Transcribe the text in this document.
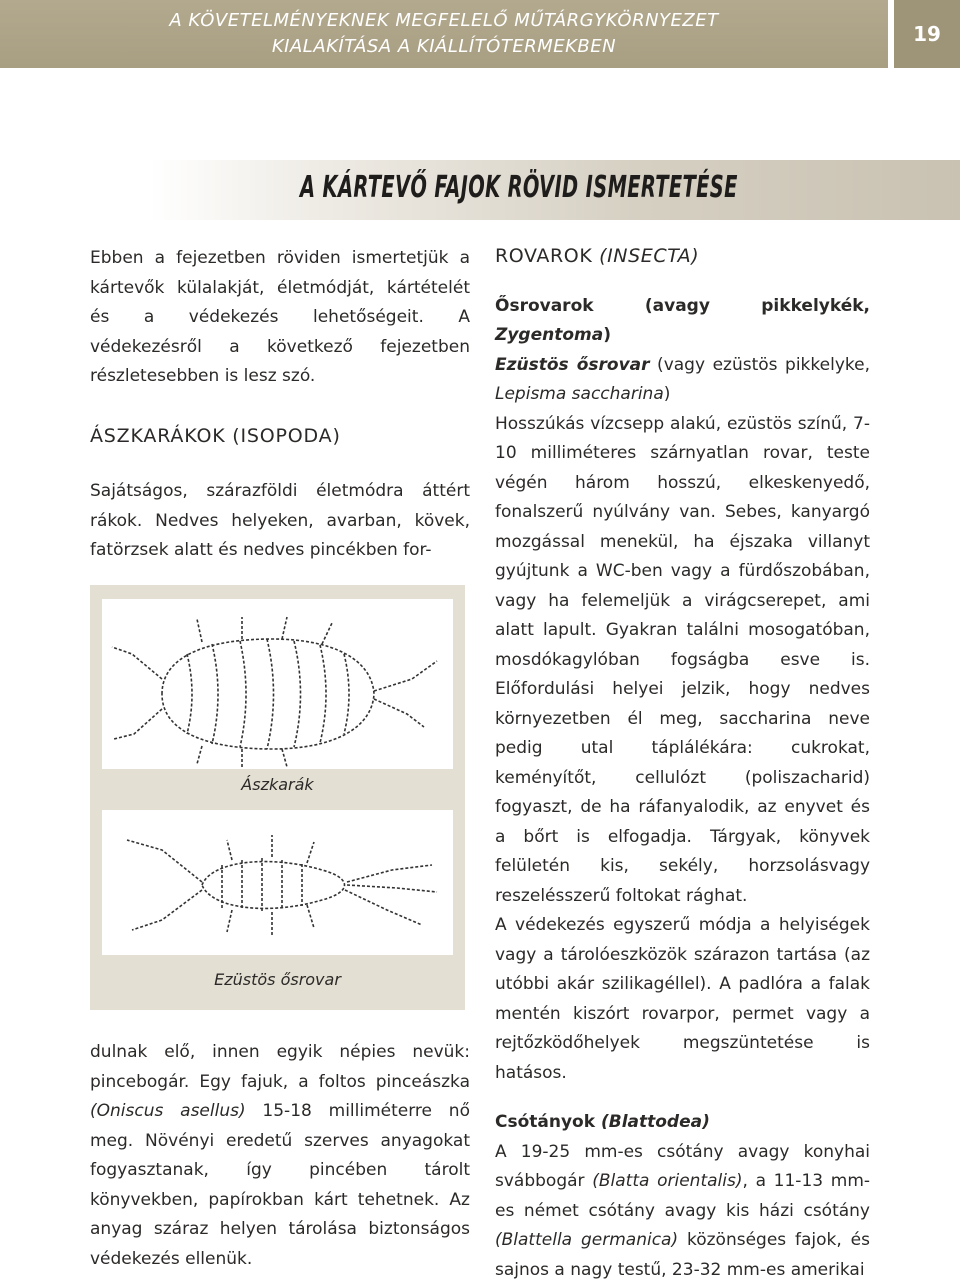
A KÖVETELMÉNYEKNEK MEGFELELŐ MŰTÁRGYKÖRNYEZET
KIALAKÍTÁSA A KIÁLLÍTÓTERMEKBEN
19
A KÁRTEVŐ FAJOK RÖVID ISMERTETÉSE

Ebben a fejezetben röviden ismertetjük a kártevők külalakját, életmódját, kártételét és a védekezés lehetőségeit. A védekezésről a következő fejezetben részletesebben is lesz szó.

ÁSZKARÁKOK (ISOPODA)

Sajátságos, szárazföldi életmódra áttért rákok. Nedves helyeken, avarban, kövek, fatörzsek alatt és nedves pincékben for-

Ászkarák
Ezüstös ősrovar

dulnak elő, innen egyik népies nevük: pincebogár. Egy fajuk, a foltos pinceászka (Oniscus asellus) 15-18 milliméterre nő meg. Növényi eredetű szerves anyagokat fogyasztanak, így pincében tárolt könyvekben, papírokban kárt tehetnek. Az anyag száraz helyen tárolása biztonságos védekezés ellenük.

ROVAROK (INSECTA)

Ősrovarok (avagy pikkelykék, Zygentoma)

Ezüstös ősrovar (vagy ezüstös pikkelyke, Lepisma saccharina)

Hosszúkás vízcsepp alakú, ezüstös színű, 7-10 milliméteres szárnyatlan rovar, teste végén három hosszú, elkeskenyedő, fonalszerű nyúlvány van. Sebes, kanyargó mozgással menekül, ha éjszaka villanyt gyújtunk a WC-ben vagy a fürdőszobában, vagy ha felemeljük a virágcserepet, ami alatt lapult. Gyakran találni mosogatóban, mosdókagylóban fogságba esve is. Előfordulási helyei jelzik, hogy nedves környezetben él meg, saccharina neve pedig utal táplálékára: cukrokat, keményítőt, cellulózt (poliszacharid) fogyaszt, de ha ráfanyalodik, az enyvet és a bőrt is elfogadja. Tárgyak, könyvek felületén kis, sekély, horzsolásvagy reszelésszerű foltokat rághat.

A védekezés egyszerű módja a helyiségek vagy a tárolóeszközök szárazon tartása (az utóbbi akár szilikagéllel). A padlóra a falak mentén kiszórt rovarpor, permet vagy a rejtőzködőhelyek megszüntetése is hatásos.

Csótányok (Blattodea)

A 19-25 mm-es csótány avagy konyhai svábbogár (Blatta orientalis), a 11-13 mm-es német csótány avagy kis házi csótány (Blattella germanica) közönséges fajok, és sajnos a nagy testű, 23-32 mm-es amerikai
